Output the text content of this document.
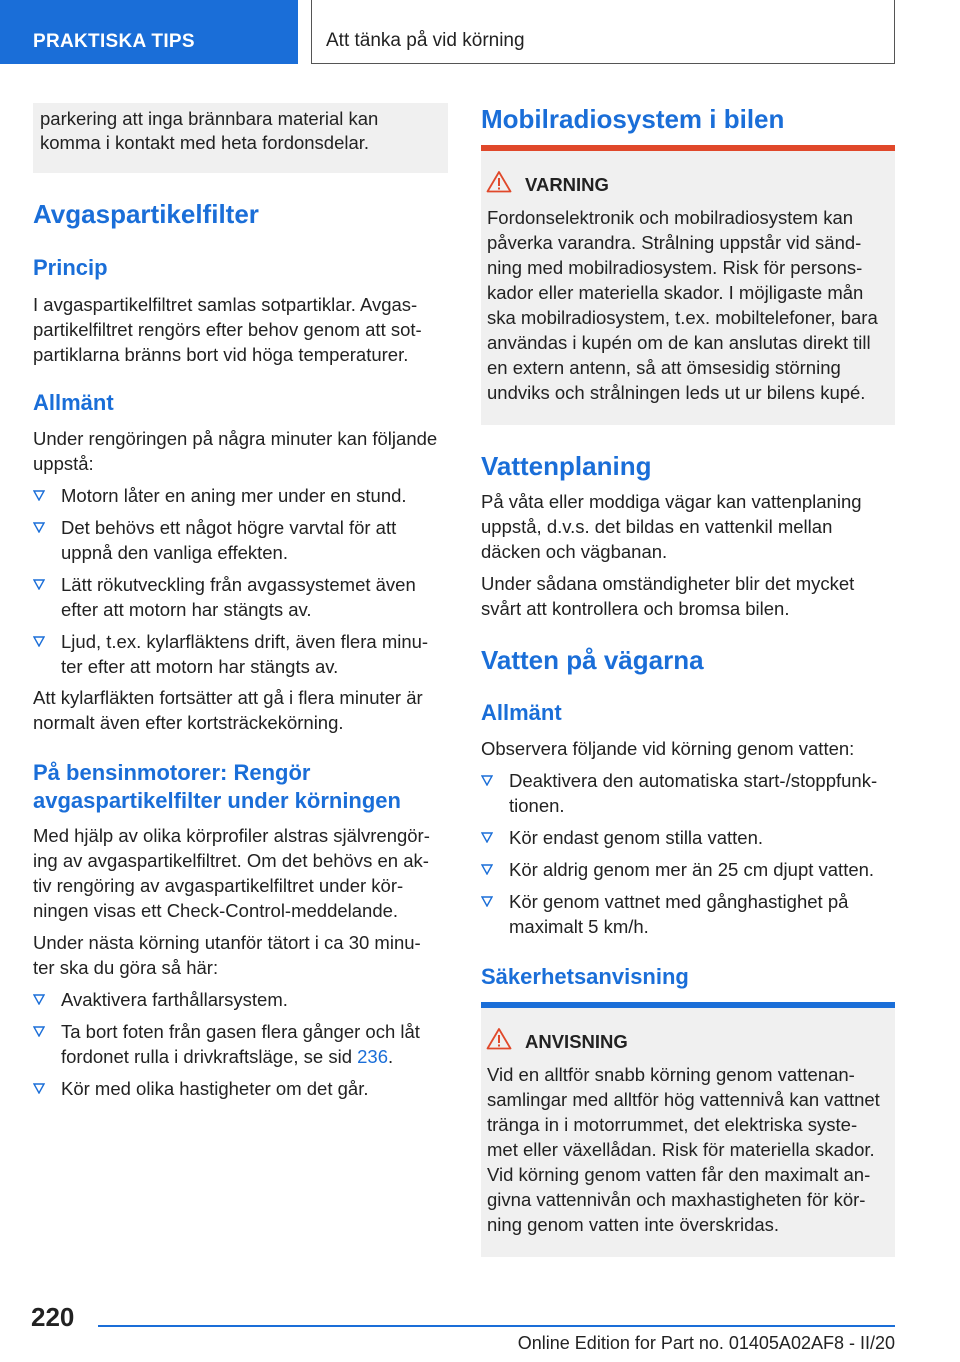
PRAKTISKA TIPS	Att tänka på vid körning

parkering att inga brännbara material kan

komma i kontakt med heta fordonsdelar.

Avgaspartikelfilter
Princip

I avgaspartikelfiltret samlas sotpartiklar. Avgas-

partikelfiltret rengörs efter behov genom att sot-

partiklarna bränns bort vid höga temperaturer.

Allmänt

Under rengöringen på några minuter kan följande

uppstå:

Motorn låter en aning mer under en stund.
Det behövs ett något högre varvtal för att
uppnå den vanliga effekten.
Lätt rökutveckling från avgassystemet även
efter att motorn har stängts av.
Ljud, t.ex. kylarfläktens drift, även flera minu-
ter efter att motorn har stängts av.

Att kylarfläkten fortsätter att gå i flera minuter är

normalt även efter kortsträckekörning.

På bensinmotorer: Rengör
avgaspartikelfilter under körningen

Med hjälp av olika körprofiler alstras självrengör-

ing av avgaspartikelfiltret. Om det behövs en ak-

tiv rengöring av avgaspartikelfiltret under kör-

ningen visas ett Check-Control-meddelande.

Under nästa körning utanför tätort i ca 30 minu-

ter ska du göra så här:

Avaktivera farthållarsystem.
Ta bort foten från gasen flera gånger och låt
fordonet rulla i drivkraftsläge, se sid 236.
Kör med olika hastigheter om det går.
Mobilradiosystem i bilen
VARNING

Fordonselektronik och mobilradiosystem kan

påverka varandra. Strålning uppstår vid sänd-

ning med mobilradiosystem. Risk för persons-

kador eller materiella skador. I möjligaste mån

ska mobilradiosystem, t.ex. mobiltelefoner, bara

användas i kupén om de kan anslutas direkt till

en extern antenn, så att ömsesidig störning

undviks och strålningen leds ut ur bilens kupé.

Vattenplaning

På våta eller moddiga vägar kan vattenplaning

uppstå, d.v.s. det bildas en vattenkil mellan

däcken och vägbanan.

Under sådana omständigheter blir det mycket

svårt att kontrollera och bromsa bilen.

Vatten på vägarna
Allmänt

Observera följande vid körning genom vatten:

Deaktivera den automatiska start-/stoppfunk-
tionen.
Kör endast genom stilla vatten.
Kör aldrig genom mer än 25 cm djupt vatten.
Kör genom vattnet med gånghastighet på
maximalt 5 km/h.
Säkerhetsanvisning
ANVISNING

Vid en alltför snabb körning genom vattenan-

samlingar med alltför hög vattennivå kan vattnet

tränga in i motorrummet, det elektriska syste-

met eller växellådan. Risk för materiella skador.

Vid körning genom vatten får den maximalt an-

givna vattennivån och maxhastigheten för kör-

ning genom vatten inte överskridas.

220
Online Edition for Part no. 01405A02AF8 - II/20
